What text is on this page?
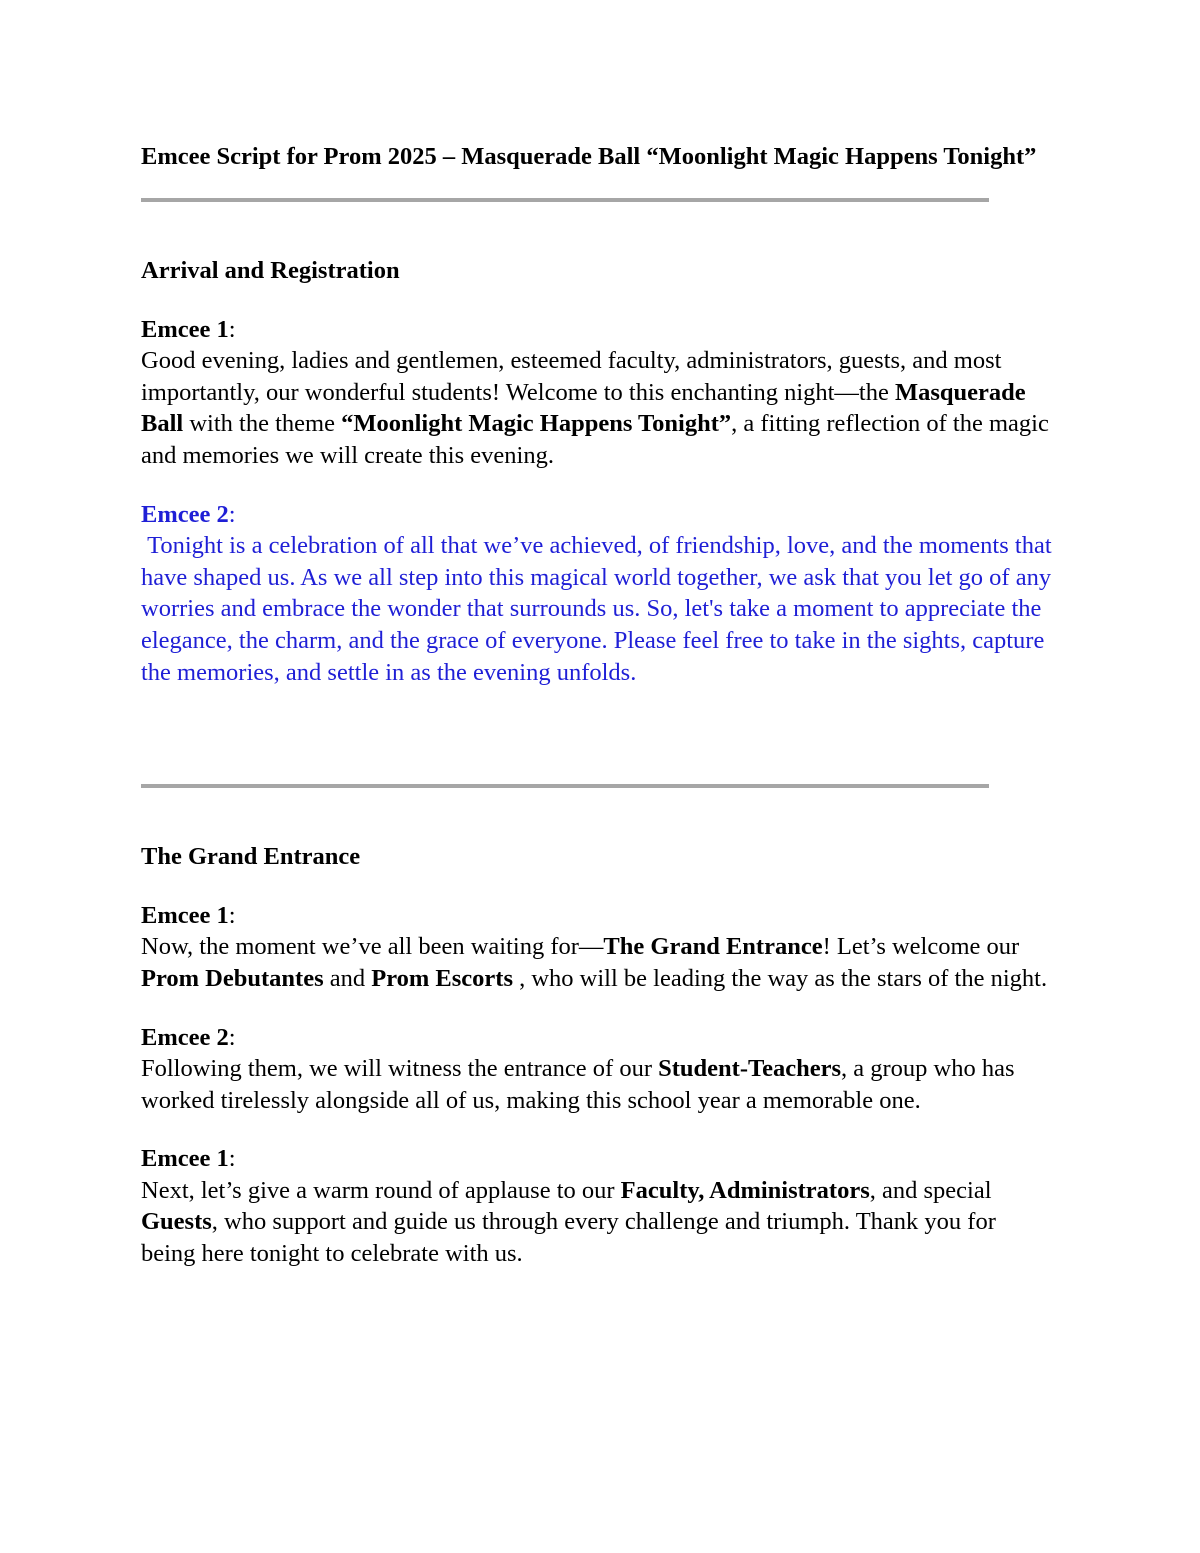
Emcee Script for Prom 2025 – Masquerade Ball “Moonlight Magic Happens Tonight”

Arrival and Registration

Emcee 1:

Good evening, ladies and gentlemen, esteemed faculty, administrators, guests, and most importantly, our wonderful students! Welcome to this enchanting night—the Masquerade Ball with the theme “Moonlight Magic Happens Tonight”, a fitting reflection of the magic and memories we will create this evening.

Emcee 2:

Tonight is a celebration of all that we’ve achieved, of friendship, love, and the moments that have shaped us. As we all step into this magical world together, we ask that you let go of any worries and embrace the wonder that surrounds us. So, let's take a moment to appreciate the elegance, the charm, and the grace of everyone. Please feel free to take in the sights, capture the memories, and settle in as the evening unfolds.

The Grand Entrance

Emcee 1:

Now, the moment we’ve all been waiting for—The Grand Entrance! Let’s welcome our Prom Debutantes and Prom Escorts , who will be leading the way as the stars of the night.

Emcee 2:

Following them, we will witness the entrance of our Student-Teachers, a group who has worked tirelessly alongside all of us, making this school year a memorable one.

Emcee 1:

Next, let’s give a warm round of applause to our Faculty, Administrators, and special Guests, who support and guide us through every challenge and triumph. Thank you for being here tonight to celebrate with us.
